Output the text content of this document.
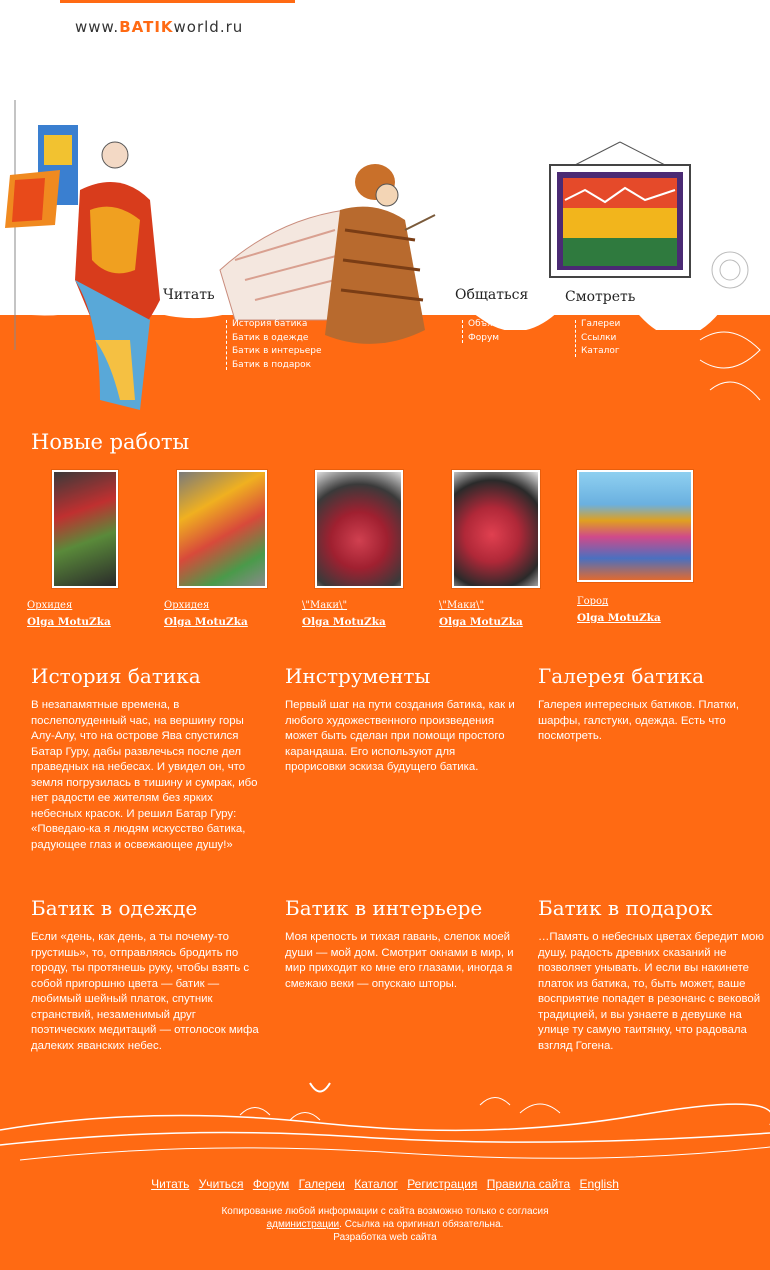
www.BATIKworld.ru
Читать
История батика
Батик в одежде
Батик в интерьере
Батик в подарок
Общаться
Объявления
Форум
Смотреть
Галереи
Ссылки
Каталог
Новые работы
Орхидея
Olga MotuZka
Орхидея
Olga MotuZka
\"Маки\"
Olga MotuZka
\"Маки\"
Olga MotuZka
Город
Olga MotuZka
История батика

В незапамятные времена, в послеполуденный час, на вершину горы Алу-Алу, что на острове Ява спустился Батар Гуру, дабы развлечься после дел праведных на небесах. И увидел он, что земля погрузилась в тишину и сумрак, ибо нет радости ее жителям без ярких небесных красок. И решил Батар Гуру: «Поведаю-ка я людям искусство батика, радующее глаз и освежающее душу!»

Инструменты

Первый шаг на пути создания батика, как и любого художественного произведения может быть сделан при помощи простого карандаша. Его используют для прорисовки эскиза будущего батика.

Галерея батика

Галерея интересных батиков. Платки, шарфы, галстуки, одежда. Есть что посмотреть.

Батик в одежде

Если «день, как день, а ты почему-то грустишь», то, отправляясь бродить по городу, ты протянешь руку, чтобы взять с собой пригоршню цвета — батик — любимый шейный платок, спутник странствий, незаменимый друг поэтических медитаций — отголосок мифа далеких яванских небес.

Батик в интерьере

Моя крепость и тихая гавань, слепок моей души — мой дом. Смотрит окнами в мир, и мир приходит ко мне его глазами, иногда я смежаю веки — опускаю шторы.

Батик в подарок

…Память о небесных цветах бередит мою душу, радость древних сказаний не позволяет унывать. И если вы накинете платок из батика, то, быть может, ваше восприятие попадет в резонанс с вековой традицией, и вы узнаете в девушке на улице ту самую таитянку, что радовала взгляд Гогена.

Читать Учиться Форум Галереи Каталог Регистрация Правила сайта English
Копирование любой информации с сайта возможно только с согласия
администрации. Ссылка на оригинал обязательна.
Разработка web сайта
